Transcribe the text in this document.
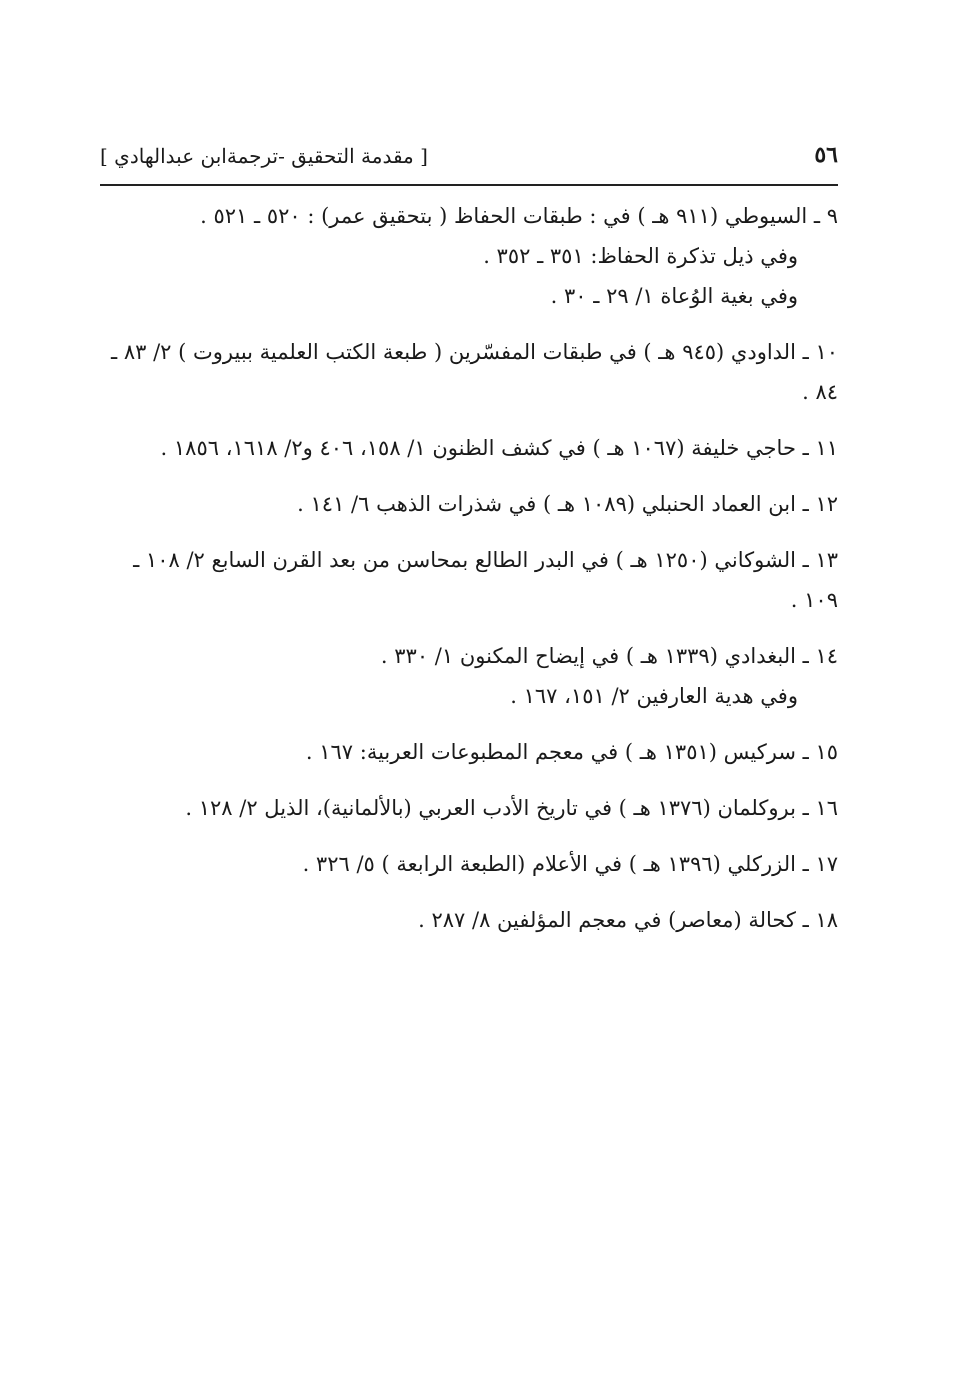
٥٦
[ مقدمة التحقيق -ترجمةابن عبدالهادي ]
٩ ـ السيوطي (٩١١ هـ ) في : طبقات الحفاظ ( بتحقيق عمر) : ٥٢٠ ـ ٥٢١ .
وفي ذيل تذكرة الحفاظ: ٣٥١ ـ ٣٥٢ .
وفي بغية الوُعاة ١/ ٢٩ ـ ٣٠ .
١٠ ـ الداودي (٩٤٥ هـ ) في طبقات المفسّرين ( طبعة الكتب العلمية ببيروت ) ٢/ ٨٣ ـ
٨٤ .
١١ ـ حاجي خليفة (١٠٦٧ هـ ) في كشف الظنون ١/ ١٥٨، ٤٠٦ و٢/ ١٦١٨، ١٨٥٦ .
١٢ ـ ابن العماد الحنبلي (١٠٨٩ هـ ) في شذرات الذهب ٦/ ١٤١ .
١٣ ـ الشوكاني (١٢٥٠ هـ ) في البدر الطالع بمحاسن من بعد القرن السابع ٢/ ١٠٨ ـ
١٠٩ .
١٤ ـ البغدادي (١٣٣٩ هـ ) في إيضاح المكنون ١/ ٣٣٠ .
وفي هدية العارفين ٢/ ١٥١، ١٦٧ .
١٥ ـ سركيس (١٣٥١ هـ ) في معجم المطبوعات العربية: ١٦٧ .
١٦ ـ بروكلمان (١٣٧٦ هـ ) في تاريخ الأدب العربي (بالألمانية)، الذيل ٢/ ١٢٨ .
١٧ ـ الزركلي (١٣٩٦ هـ ) في الأعلام (الطبعة الرابعة ) ٥/ ٣٢٦ .
١٨ ـ كحالة (معاصر) في معجم المؤلفين ٨/ ٢٨٧ .
